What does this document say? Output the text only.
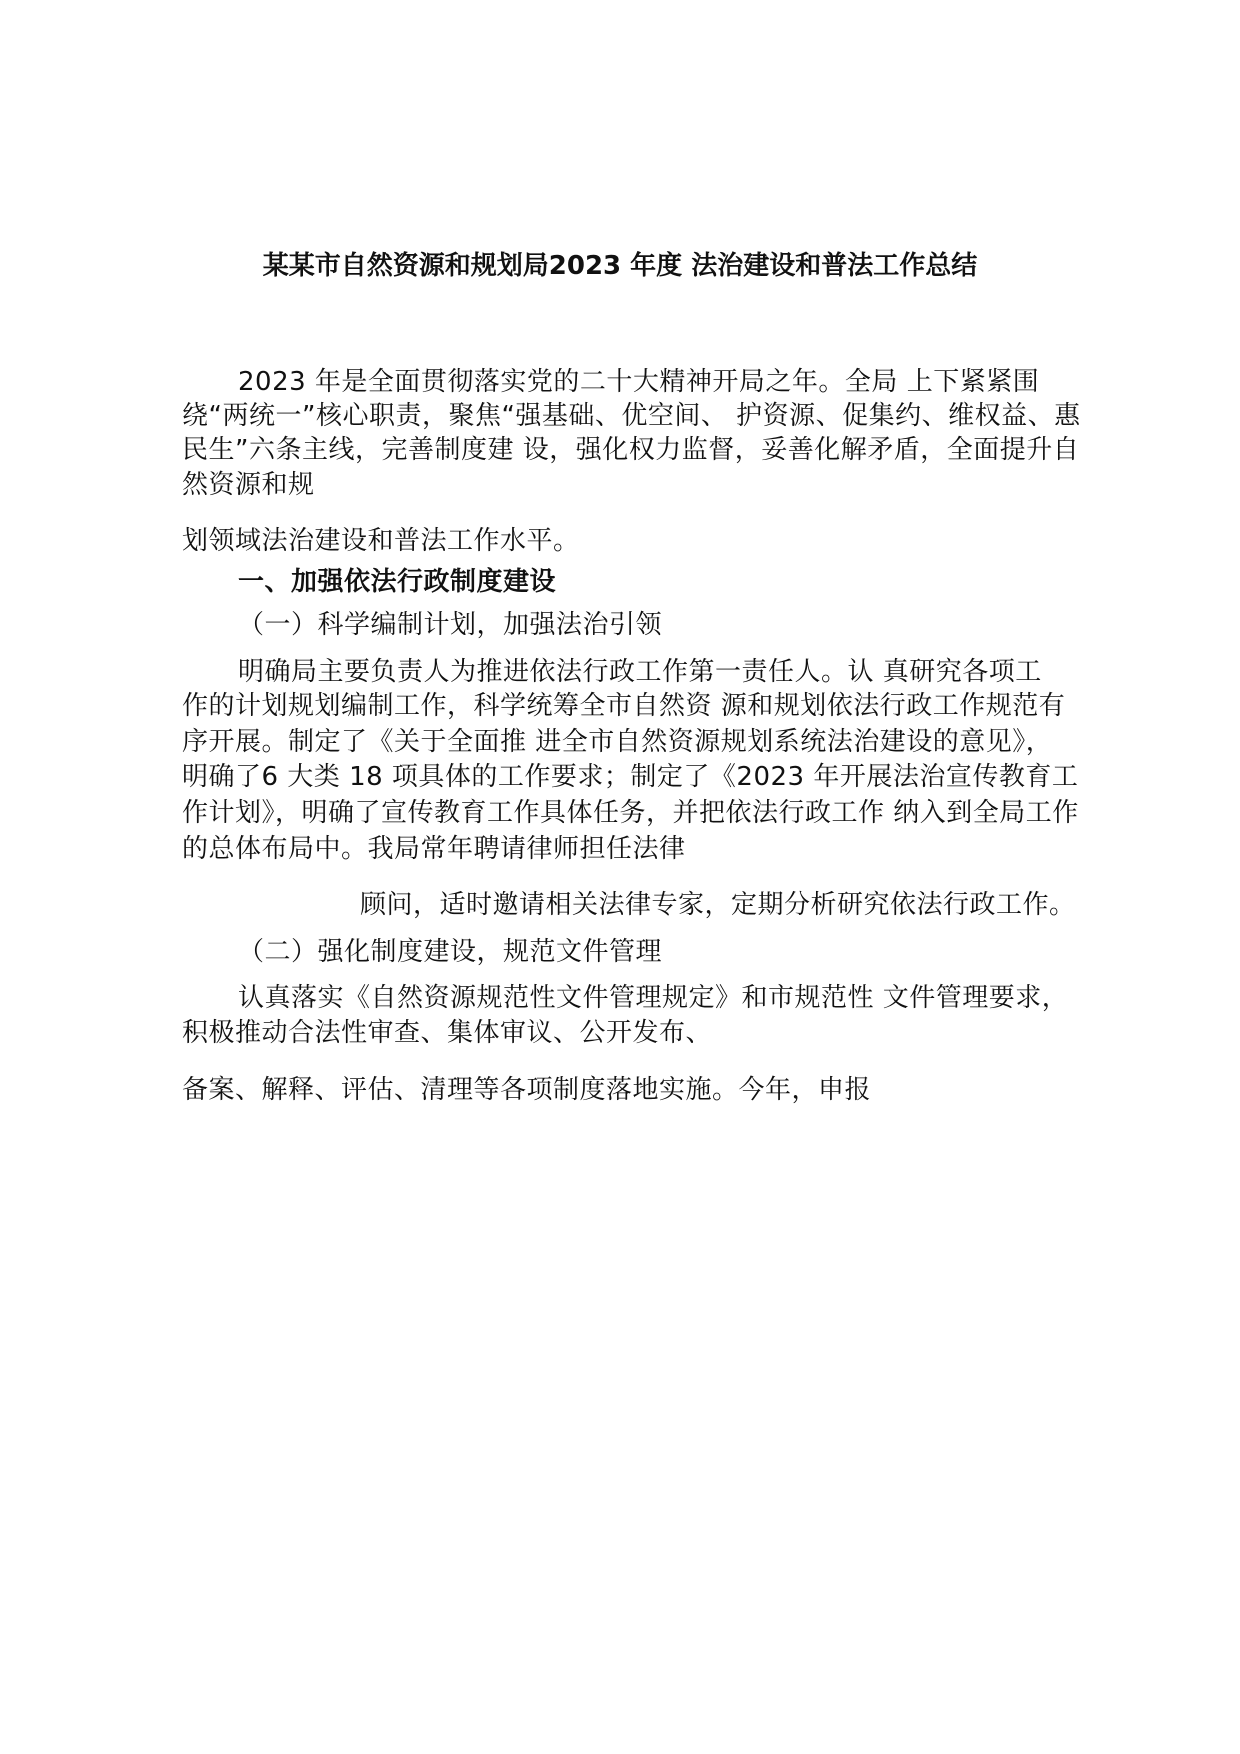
某某市自然资源和规划局2023 年度 法治建设和普法工作总结
2023 年是全面贯彻落实党的二十大精神开局之年。全局 上下紧紧围
绕“两统一”核心职责，聚焦“强基础、优空间、 护资源、促集约、维权益、惠
民生”六条主线，完善制度建 设，强化权力监督，妥善化解矛盾，全面提升自
然资源和规
划领域法治建设和普法工作水平。
一、加强依法行政制度建设
（一）科学编制计划，加强法治引领
明确局主要负责人为推进依法行政工作第一责任人。认 真研究各项工
作的计划规划编制工作，科学统筹全市自然资 源和规划依法行政工作规范有
序开展。制定了《关于全面推 进全市自然资源规划系统法治建设的意见》，
明确了6 大类 18 项具体的工作要求；制定了《2023 年开展法治宣传教育工
作计划》，明确了宣传教育工作具体任务，并把依法行政工作 纳入到全局工作
的总体布局中。我局常年聘请律师担任法律
顾问，适时邀请相关法律专家，定期分析研究依法行政工作。
（二）强化制度建设，规范文件管理
认真落实《自然资源规范性文件管理规定》和市规范性 文件管理要求，
积极推动合法性审查、集体审议、公开发布、
备案、解释、评估、清理等各项制度落地实施。今年，申报
